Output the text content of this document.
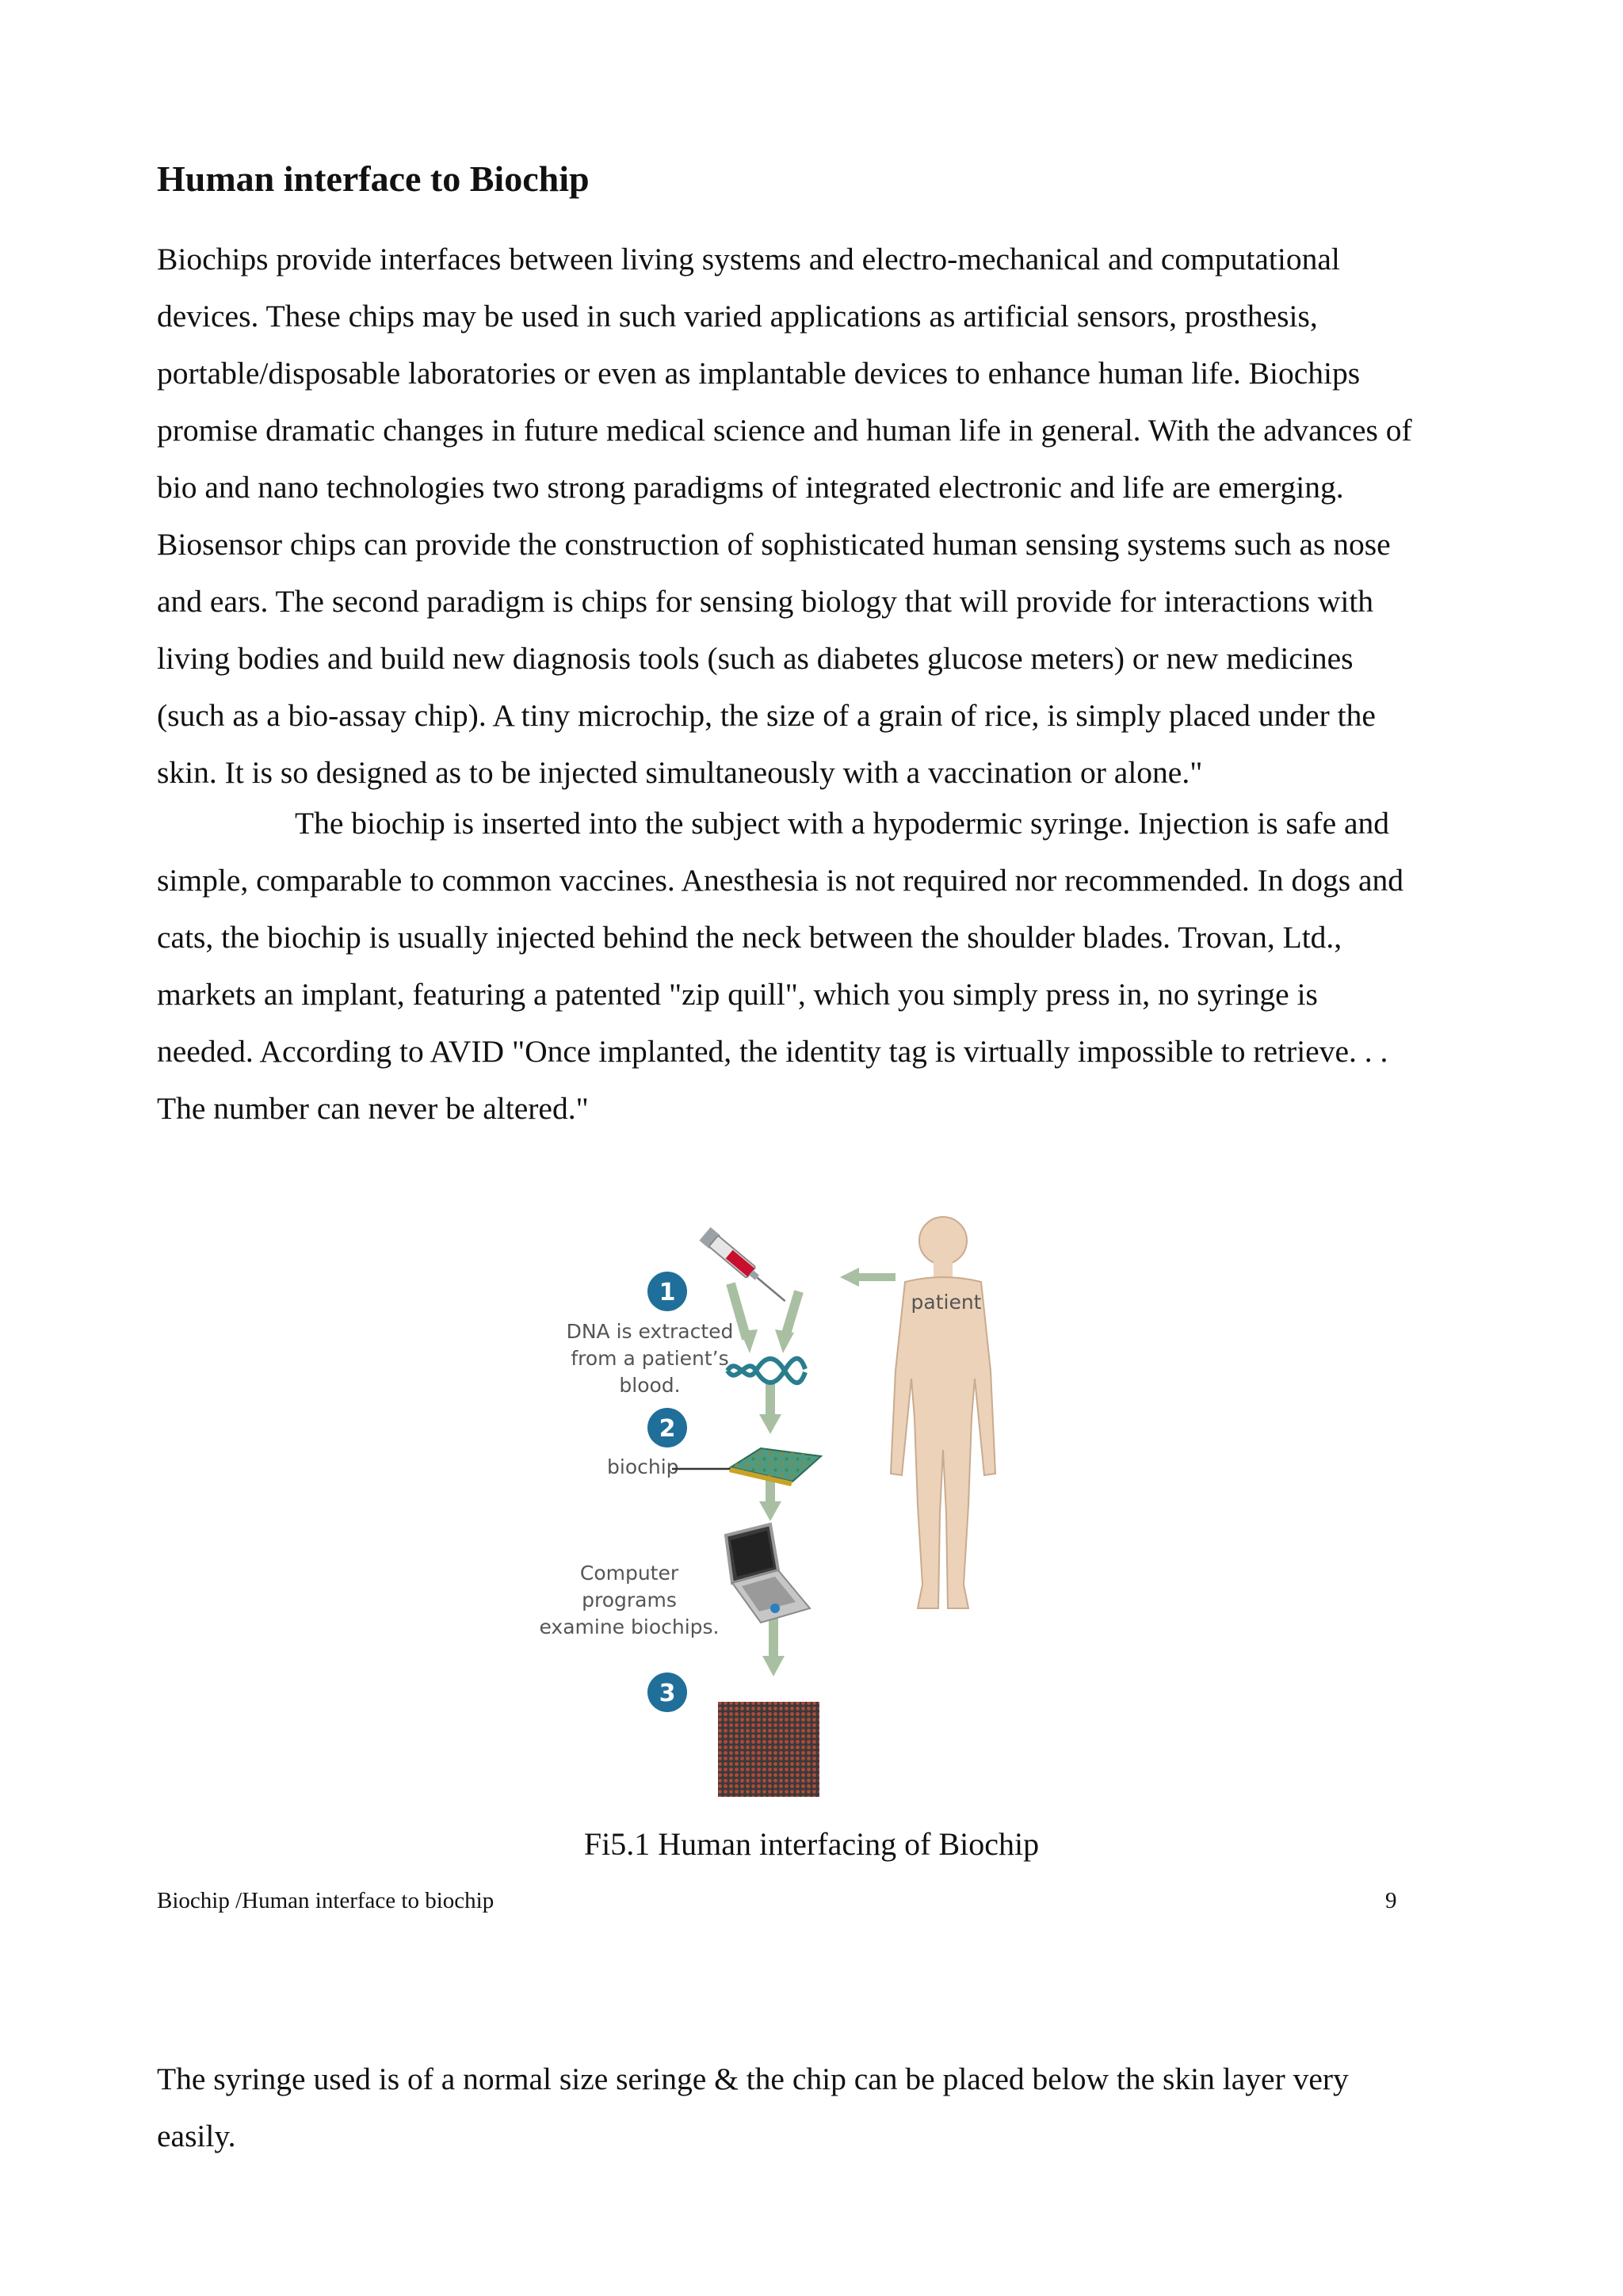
Human interface to Biochip
Biochips provide interfaces between living systems and electro-mechanical and computational
devices. These chips may be used in such varied applications as artificial sensors, prosthesis,
portable/disposable laboratories or even as implantable devices to enhance human life. Biochips
promise dramatic changes in future medical science and human life in general. With the advances of
bio and nano technologies two strong paradigms of integrated electronic and life are emerging.
Biosensor chips can provide the construction of sophisticated human sensing systems such as nose
and ears. The second paradigm is chips for sensing biology that will provide for interactions with
living bodies and build new diagnosis tools (such as diabetes glucose meters) or new medicines
(such as a bio-assay chip). A tiny microchip, the size of a grain of rice, is simply placed under the
skin. It is so designed as to be injected simultaneously with a vaccination or alone."
The biochip is inserted into the subject with a hypodermic syringe. Injection is safe and
simple, comparable to common vaccines. Anesthesia is not required nor recommended. In dogs and
cats, the biochip is usually injected behind the neck between the shoulder blades. Trovan, Ltd.,
markets an implant, featuring a patented "zip quill", which you simply press in, no syringe is
needed. According to AVID "Once implanted, the identity tag is virtually impossible to retrieve. . .
The number can never be altered."
1
DNA is extracted
from a patient’s
blood.
2
biochip
Computer
programs
examine biochips.
3
patient
Fi5.1 Human interfacing of Biochip
Biochip /Human interface to biochip	9
The syringe used is of a normal size seringe & the chip can be placed below the skin layer very
easily.
